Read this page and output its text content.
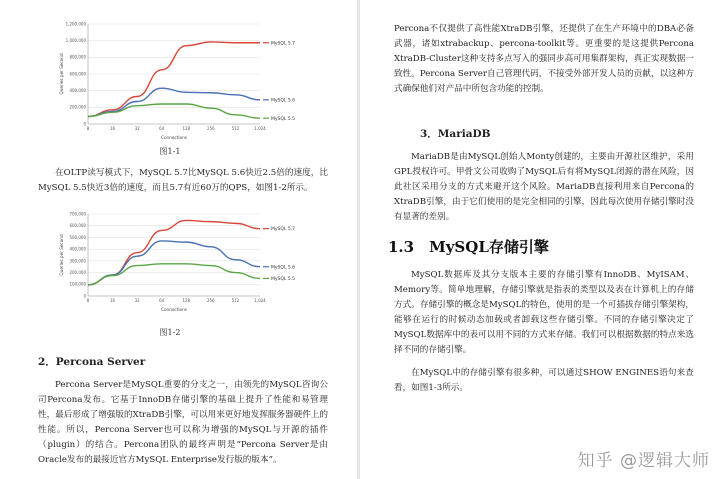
0
200,000
400,000
600,000
800,000
1,000,000
1,200,000
8	16	32	64	128	256	512	1,024
Connections
Queries per Second
MySQL 5.7
MySQL 5.6
MySQL 5.5
图1-1
在OLTP读写模式下，MySQL 5.7比MySQL 5.6快近2.5倍的速度，比MySQL 5.5快近3倍的速度，而且5.7有近60万的QPS，如图1-2所示。
0
100,000
200,000
300,000
400,000
500,000
600,000
700,000
8	16	32	64	128	256	512	1,024
Connections
Queries per Second
MySQL 5.7
MySQL 5.6
MySQL 5.5
图1-2
2．Percona Server
Percona Server是MySQL重要的分支之一，由领先的MySQL咨询公司Percona发布。它基于InnoDB存储引擎的基础上提升了性能和易管理性，最后形成了增强版的XtraDB引擎，可以用来更好地发挥服务器硬件上的性能。所以，Percona Server也可以称为增强的MySQL与开源的插件（plugin）的结合。Percona团队的最终声明是“Percona Server是由Oracle发布的最接近官方MySQL Enterprise发行版的版本”。
Percona不仅提供了高性能XtraDB引擎，还提供了在生产环境中的DBA必备武器，诸如xtrabackup、percona-toolkit等。更重要的是这提供Percona XtraDB-Cluster这种支持多点写入的强同步高可用集群架构，真正实现数据一致性。Percona Server自己管理代码，不接受外部开发人员的贡献，以这种方式确保他们对产品中所包含功能的控制。
3．MariaDB
MariaDB是由MySQL创始人Monty创建的，主要由开源社区维护，采用GPL授权许可。甲骨文公司收购了MySQL后有将MySQL闭源的潜在风险，因此社区采用分支的方式来避开这个风险。MariaDB直接利用来自Percona的XtraDB引擎，由于它们使用的是完全相同的引擎，因此每次使用存储引擎时没有显著的差别。
1.3　MySQL存储引擎
MySQL数据库及其分支版本主要的存储引擎有InnoDB、MyISAM、Memory等。简单地理解，存储引擎就是指表的类型以及表在计算机上的存储方式。存储引擎的概念是MySQL的特色，使用的是一个可插拔存储引擎架构，能够在运行的时候动态加载或者卸载这些存储引擎。不同的存储引擎决定了MySQL数据库中的表可以用不同的方式来存储。我们可以根据数据的特点来选择不同的存储引擎。
在MySQL中的存储引擎有很多种，可以通过SHOW ENGINES语句来查看，如图1-3所示。
知乎 @逻辑大师
